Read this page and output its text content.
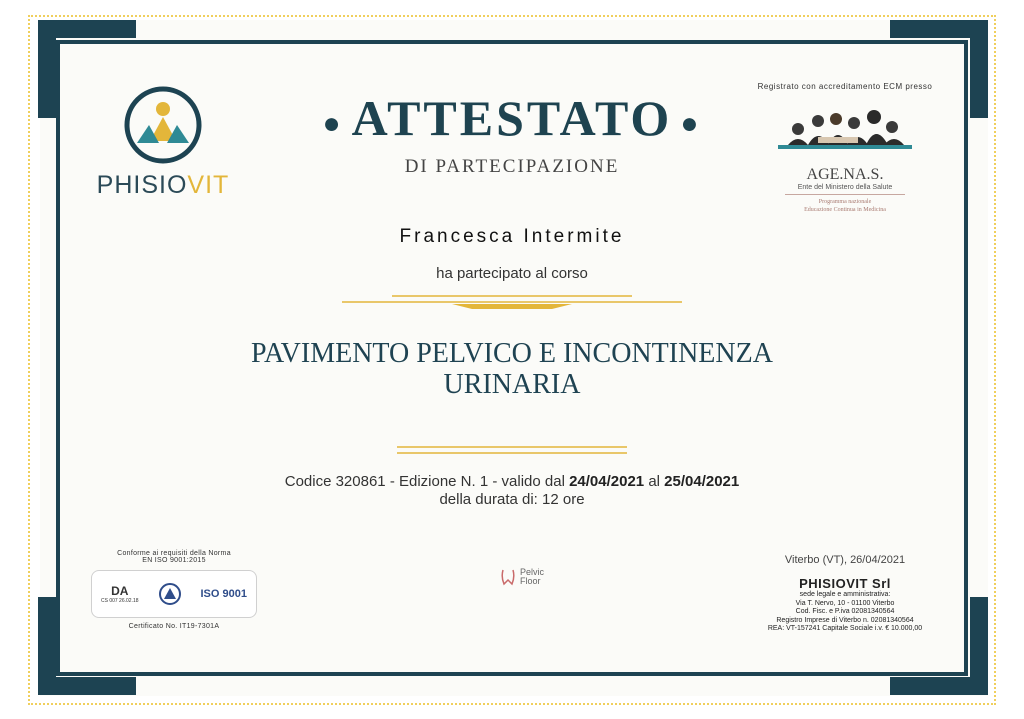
PHISIOVIT
● ATTESTATO ●
DI PARTECIPAZIONE
Registrato con accreditamento ECM presso
AGE.NA.S.
Ente del Ministero della Salute
Programma nazionale
Educazione Continua in Medicina
Francesca Intermite
ha partecipato al corso
PAVIMENTO PELVICO E INCONTINENZA
URINARIA
Codice 320861 - Edizione N. 1 - valido dal 24/04/2021 al 25/04/2021
della durata di: 12 ore
Conforme ai requisiti della Norma
EN ISO 9001:2015
DA
CS 007 26.02.18
ISO 9001
Certificato No. IT19-7301A
Pelvic
Floor
Viterbo (VT), 26/04/2021
PHISIOVIT Srl
sede legale e amministrativa:
Via T. Nervo, 10 - 01100 Viterbo
Cod. Fisc. e P.iva 02081340564
Registro Imprese di Viterbo n. 02081340564
REA: VT-157241 Capitale Sociale i.v. € 10.000,00
